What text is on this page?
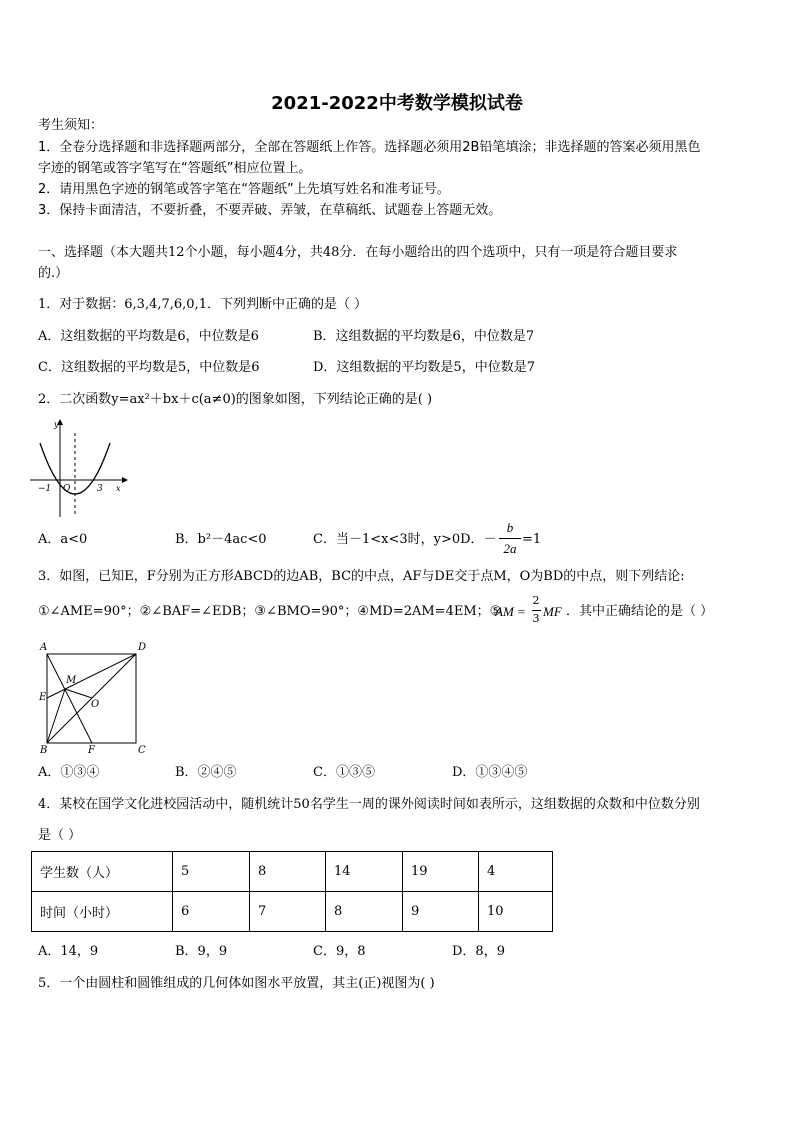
2021-2022中考数学模拟试卷
考生须知：
1．全卷分选择题和非选择题两部分，全部在答题纸上作答。选择题必须用2B铅笔填涂；非选择题的答案必须用黑色
字迹的钢笔或答字笔写在“答题纸”相应位置上。
2．请用黑色字迹的钢笔或答字笔在“答题纸”上先填写姓名和准考证号。
3．保持卡面清洁，不要折叠，不要弄破、弄皱，在草稿纸、试题卷上答题无效。
一、选择题（本大题共12个小题，每小题4分，共48分．在每小题给出的四个选项中，只有一项是符合题目要求
的.）
1．对于数据：6,3,4,7,6,0,1．下列判断中正确的是（ ）
A．这组数据的平均数是6，中位数是6	B．这组数据的平均数是6，中位数是7
C．这组数据的平均数是5，中位数是6	D．这组数据的平均数是5，中位数是7
2．二次函数y=ax²＋bx＋c(a≠0)的图象如图，下列结论正确的是( )
y
x
O
−1	3
A．a<0	B．b²－4ac<0	C．当－1<x<3时，y>0D．－
b
2a
=1
3．如图，已知E，F分别为正方形ABCD的边AB，BC的中点，AF与DE交于点M，O为BD的中点，则下列结论:
①∠AME=90°；②∠BAF=∠EDB；③∠BMO=90°；④MD=2AM=4EM；⑤
AM =
2
3 MF ．其中正确结论的是（ ）
A	D
M
E
O
B	F	C
A．①③④	B．②④⑤	C．①③⑤	D．①③④⑤
4．某校在国学文化进校园活动中，随机统计50名学生一周的课外阅读时间如表所示，这组数据的众数和中位数分别
是（ ）
学生数（人）	5	8	14	19	4
时间（小时）	6	7	8	9	10
A．14，9	B．9，9	C．9，8	D．8，9
5．一个由圆柱和圆锥组成的几何体如图水平放置，其主(正)视图为( )
